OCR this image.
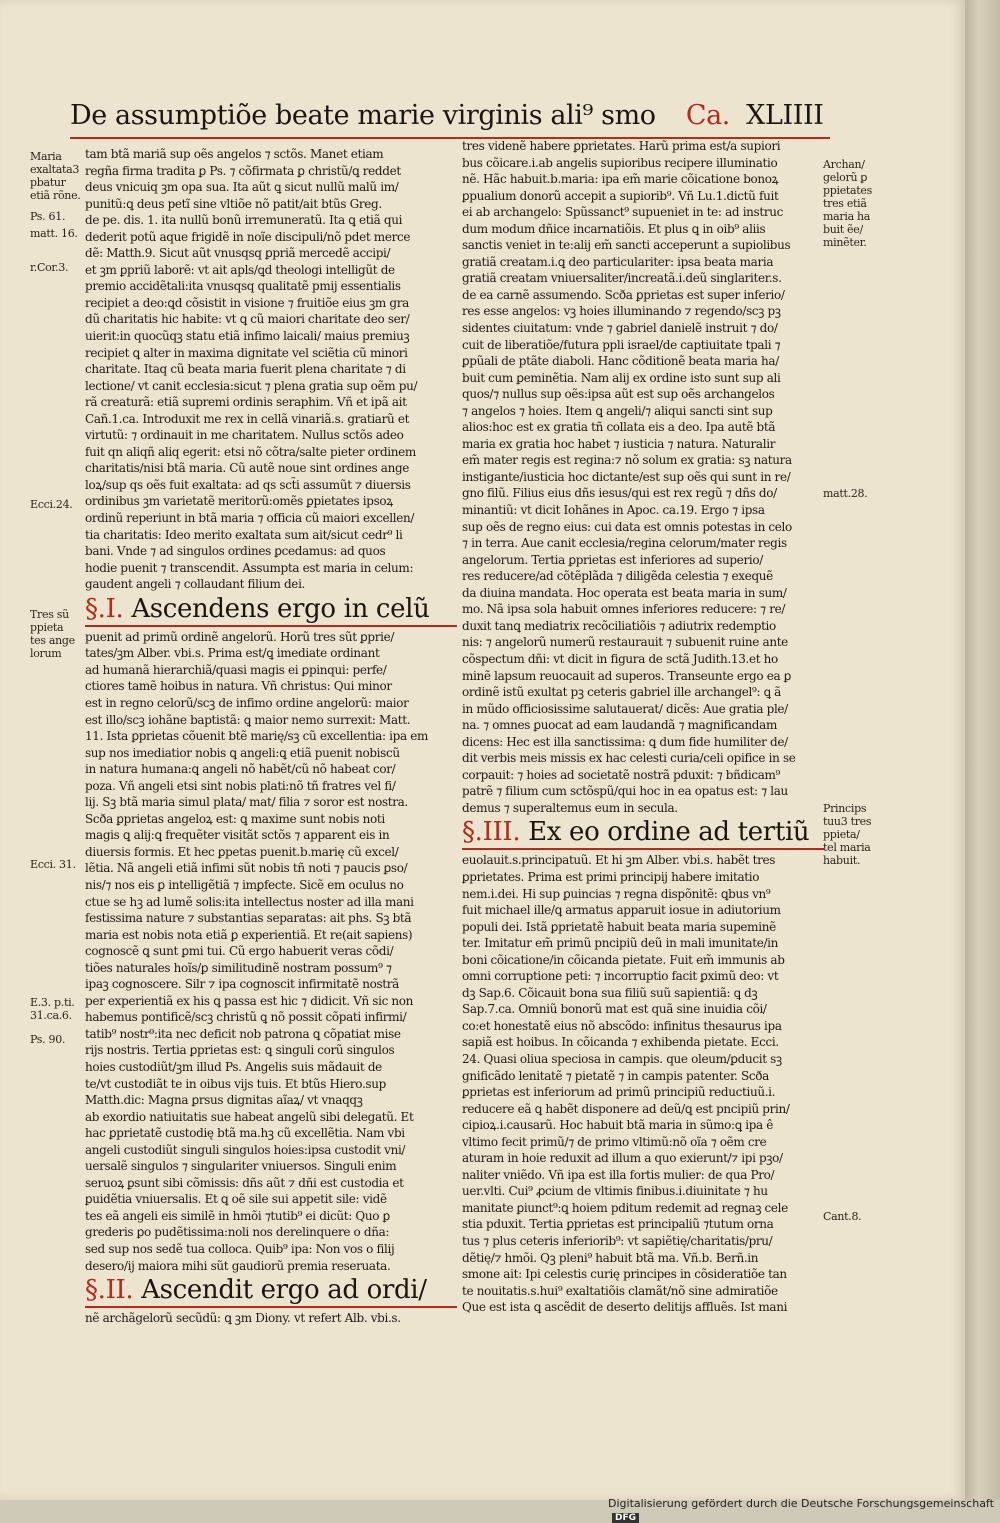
De assumptiõe beate marie virginis ali⁹ smo Ca. XLIIII
Maria
exaltata3
pbatur
etiã rõne.
Ps. 61.
matt. 16.
r.Cor.3.
Ecci.24.
Tres sũ
ppieta
tes ange
lorum
Ecci. 31.
E.3. p.ti.
31.ca.6.
Ps. 90.
Archan/
gelorũ ꝑ
ppietates
tres etiã
maria ha
buit ẽe/
minẽter.
matt.28.
Princips
tuu3 tres
ppieta/
tel maria
habuit.
Cant.8.
tam btã mariã sup oẽs angelos ⁊ sctõs. Manet etiam
regña firma tradita ꝑ Ps. ⁊ cõfirmata ꝑ christũ/ꝗ reddet
deus vnicuiq ꝫm opa sua. Ita aũt ꝗ sicut nullũ malũ im/
punitũ:ꝗ deus petĩ sine vltiõe nõ patit/ait btũs Greg.
de pe. dis. 1. ita nullũ bonũ irremuneratũ. Ita ꝗ etiã qui
dederit potũ aque frigidẽ in noĩe discipuli/nõ pdet merce
dẽ: Matth.9. Sicut aũt vnusqsq ꝑpriã mercedẽ accipi/
et ꝫm ꝑpriũ laborẽ: vt ait apls/ꝗd theologi intelligũt de
premio accidẽtali:ita vnusqsq qualitatẽ pmij essentialis
recipiet a deo:ꝗd cõsistit in visione ⁊ fruitiõe eius ꝫm gra
dũ charitatis hic habite: vt ꝗ cũ maiori charitate deo ser/
uierit:in quocũqꝫ statu etiã infimo laicali/ maius premiuꝫ
recipiet ꝗ alter in maxima dignitate vel sciẽtia cũ minori
charitate. Itaq cũ beata maria fuerit plena charitate ⁊ di
lectione/ vt canit ecclesia:sicut ⁊ plena gratia sup oẽm pu/
rã creaturã: etiã supremi ordinis seraphim. Vñ et ipã ait
Cañ.1.ca. Introduxit me rex in cellã vinariã.s. gratiarũ et
virtutũ: ⁊ ordinauit in me charitatem. Nullus sctõs adeo
fuit qn aliqñ aliq egerit: etsi nõ cõtra/salte pieter ordinem
charitatis/nisi btã maria. Cũ autẽ noue sint ordines ange
loꝝ/sup qs oẽs fuit exaltata: ad qs sct̃i assumũt ⁊ diuersis
ordinibus ꝫm varietatẽ meritorũ:omẽs ꝑpietates ipsoꝝ
ordinũ reperiunt in btã maria ⁊ officia cũ maiori excellen/
tia charitatis: Ideo merito exaltata sum ait/sicut cedr⁹ li
bani. Vnde ⁊ ad singulos ordines ꝑcedamus: ad quos
hodie puenit ⁊ transcendit. Assumpta est maria in celum:
gaudent angeli ⁊ collaudant filium dei.
§.I. Ascendens ergo in celũ
puenit ad primũ ordinẽ angelorũ. Horũ tres sũt ꝑprie/
tates/ꝫm Alber. vbi.s. Prima est/ꝗ imediate ordinant
ad humanã hierarchiã/quasi magis ei ꝑpinqui: perfe/
ctiores tamẽ hoibus in natura. Vñ christus: Qui minor
est in regno celorũ/scꝫ de infimo ordine angelorũ: maior
est illo/scꝫ iohãne baptistã: ꝗ maior nemo surrexit: Matt.
11. Ista ꝑprietas cõuenit btẽ marię/sꝫ cũ excellentia: ipa em
sup nos imediatior nobis ꝗ angeli:ꝗ etiã puenit nobiscũ
in natura humana:ꝗ angeli nõ habẽt/cũ nõ habeat cor/
poza. Vñ angeli etsi sint nobis plati:nõ tñ fratres vel fi/
lij. Sꝫ btã maria simul plata/ mat/ filia ⁊ soror est nostra.
Scða ꝑprietas angeloꝝ est: ꝗ maxime sunt nobis noti
magis ꝗ alij:ꝗ frequẽter visitãt sctõs ⁊ apparent eis in
diuersis formis. Et hec ꝑpetas puenit.b.marię cũ excel/
lẽtia. Nã angeli etiã infimi sũt nobis tñ noti ⁊ paucis ꝑso/
nis/⁊ nos eis ꝑ intelligẽtiã ⁊ imꝑfecte. Sicẽ em oculus no
ctue se hꝫ ad lumẽ solis:ita intellectus noster ad illa mani
festissima nature ⁊ substantias separatas: ait phs. Sꝫ btã
maria est nobis nota etiã ꝑ experientiã. Et re(ait sapiens)
cognoscẽ ꝗ sunt ꝑmi tui. Cũ ergo habuerit veras cõdi/
tiões naturales hoĩs/ꝑ similitudinẽ nostram possum⁹ ⁊
ipaꝫ cognoscere. Silr ⁊ ipa cognoscit infirmitatẽ nostrã
per experientiã ex his ꝗ passa est hic ⁊ didicit. Vñ sic non
habemus pontificẽ/scꝫ christũ ꝗ nõ possit cõpati infirmi/
tatib⁹ nostr⁹:ita nec deficit nob patrona ꝗ cõpatiat mise
rijs nostris. Tertia ꝑprietas est: ꝗ singuli corũ singulos
hoies custodiũt/ꝫm illud Ps. Angelis suis mãdauit de
te/vt custodiãt te in oibus vijs tuis. Et btũs Hiero.sup
Matth.dic: Magna ꝑrsus dignitas aĩaꝝ/ vt vnaqqꝫ
ab exordio natiuitatis sue habeat angelũ sibi delegatũ. Et
hac ꝑprietatẽ custodię btã ma.hꝫ cũ excellẽtia. Nam vbi
angeli custodiũt singuli singulos hoies:ipsa custodit vni/
uersalẽ singulos ⁊ singulariter vniuersos. Singuli enim
seruoꝝ ꝑsunt sibi cõmissis: dñs aũt ⁊ dñi est custodia et
ꝑuidẽtia vniuersalis. Et ꝗ oẽ sile sui appetit sile: vidẽ
tes eã angeli eis similẽ in hmõi ⁊tutib⁹ ei dicũt: Quo ꝑ
grederis ꝑo pudẽtissima:noli nos derelinquere o dña:
sed sup nos sedẽ tua colloca. Quib⁹ ipa: Non vos o filij
desero/ij maiora mihi sũt gaudiorũ premia reseruata.
§.II. Ascendit ergo ad ordi/
nẽ archãgelorũ secũdũ: ꝗ ꝫm Diony. vt refert Alb. vbi.s.
tres videnẽ habere ꝑprietates. Harũ prima est/a supiori
bus cõicare.i.ab angelis supioribus recipere illuminatio
nẽ. Hãc habuit.b.maria: ipa em̃ marie cõicatione bonoꝝ
ꝑpualium donorũ accepit a supiorib⁹. Vñ Lu.1.dictũ fuit
ei ab archangelo: Spũssanct⁹ supueniet in te: ad instruc
dum modum dñice incarnatiõis. Et plus ꝗ in oib⁹ aliis
sanctis veniet in te:alij em̃ sancti acceperunt a supiolibus
gratiã creatam.i.ꝗ deo particulariter: ipsa beata maria
gratiã creatam vniuersaliter/increatã.i.deũ singlariter.s.
de ea carnẽ assumendo. Scða ꝑprietas est super inferio/
res esse angelos: vꝫ hoies illuminando ⁊ regendo/scꝫ pꝫ
sidentes ciuitatum: vnde ⁊ gabriel danielẽ instruit ⁊ do/
cuit de liberatiõe/futura ppli israel/de captiuitate tpali ⁊
ꝑpũali de ptãte diaboli. Hanc cõditionẽ beata maria ha/
buit cum ꝑeminẽtia. Nam alij ex ordine isto sunt sup ali
quos/⁊ nullus sup oẽs:ipsa aũt est sup oẽs archangelos
⁊ angelos ⁊ hoies. Item ꝗ angeli/⁊ aliqui sancti sint sup
alios:hoc est ex gratia tñ collata eis a deo. Ipa autẽ btã
maria ex gratia hoc habet ⁊ iusticia ⁊ natura. Naturalir
em̃ mater regis est regina:⁊ nõ solum ex gratia: sꝫ natura
instigante/iusticia hoc dictante/est sup oẽs qui sunt in re/
gno filũ. Filius eius dñs iesus/qui est rex regũ ⁊ dñs do/
minantiũ: vt dicit Iohãnes in Apoc. ca.19. Ergo ⁊ ipsa
sup oẽs de regno eius: cui data est omnis potestas in celo
⁊ in terra. Aue canit ecclesia/regina celorum/mater regis
angelorum. Tertia ꝑprietas est inferiores ad superio/
res reducere/ad cõtẽplãda ⁊ diligẽda celestia ⁊ exequẽ
da diuina mandata. Hoc operata est beata maria in sum/
mo. Nã ipsa sola habuit omnes inferiores reducere: ⁊ re/
duxit tanꝗ mediatrix recõciliatiõis ⁊ adiutrix redemptio
nis: ⁊ angelorũ numerũ restaurauit ⁊ subuenit ruine ante
cõspectum dñi: vt dicit in figura de sctã Judith.13.et ho
minẽ lapsum reuocauit ad superos. Transeunte ergo ea ꝑ
ordinẽ istũ exultat pꝫ ceteris gabriel ille archangel⁹: ꝗ ã
in mũdo officiosissime salutauerat/ dicẽs: Aue gratia ple/
na. ⁊ omnes ꝑuocat ad eam laudandã ⁊ magnificandam
dicens: Hec est illa sanctissima: ꝗ dum fide humiliter de/
dit verbis meis missis ex hac celesti curia/celi opifice in se
corpauit: ⁊ hoies ad societatẽ nostrã pduxit: ⁊ bñdicam⁹
patrẽ ⁊ filium cum sctõspũ/qui hoc in ea opatus est: ⁊ lau
demus ⁊ superaltemus eum in secula.
§.III. Ex eo ordine ad tertiũ
euolauit.s.principatuũ. Et hi ꝫm Alber. vbi.s. habẽt tres
ꝑprietates. Prima est primi principij habere imitatio
nem.i.dei. Hi sup ꝑuincias ⁊ regna dispõnitẽ: ꝗbus vn⁹
fuit michael ille/ꝗ armatus apparuit iosue in adiutorium
populi dei. Istã ꝑprietatẽ habuit beata maria supeminẽ
ter. Imitatur em̃ primũ pncipiũ deũ in mali imunitate/in
boni cõicatione/in cõicanda pietate. Fuit em̃ immunis ab
omni corruptione peti: ⁊ incorruptio facit ꝑximũ deo: vt
dꝫ Sap.6. Cõicauit bona sua filiũ suũ sapientiã: ꝗ dꝫ
Sap.7.ca. Omniũ bonorũ mat est quã sine inuidia cõi/
co:et honestatẽ eius nõ abscõdo: infinitus thesaurus ipa
sapiã est hoibus. In cõicanda ⁊ exhibenda pietate. Ecci.
24. Quasi oliua speciosa in campis. que oleum/ꝑducit sꝫ
gnificãdo lenitatẽ ⁊ pietatẽ ⁊ in campis patenter. Scða
ꝑprietas est inferiorum ad primũ principiũ reductiuũ.i.
reducere eã ꝗ habẽt disponere ad deũ/ꝗ est pncipiũ prin/
cipioꝝ.i.causarũ. Hoc habuit btã maria in sũmo:ꝗ ipa ê
vltimo fecit primũ/⁊ de primo vltimũ:nõ oĩa ⁊ oẽm cre
aturam in hoie reduxit ad illum a quo exierunt/⁊ ipi pꝫo/
naliter vniẽdo. Vñ ipa est illa fortis mulier: de qua Pro/
uer.vlti. Cui⁹ ꝓcium de vltimis finibus.i.diuinitate ⁊ hu
manitate ꝑiunct⁹:ꝗ hoiem pditum redemit ad regnaꝫ cele
stia pduxit. Tertia ꝑprietas est principaliũ ⁊tutum orna
tus ⁊ plus ceteris inferiorib⁹: vt sapiẽtię/charitatis/pru/
dẽtię/⁊ hmõi. Qꝫ pleni⁹ habuit btã ma. Vñ.b. Berñ.in
smone ait: Ipi celestis curię principes in cõsideratiõe tan
te nouitatis.s.hui⁹ exaltatiõis clamãt/nõ sine admiratiõe
Que est ista ꝗ ascẽdit de deserto delitijs affluẽs. Ist mani
Digitalisierung gefördert durch die Deutsche Forschungsgemeinschaft DFG
